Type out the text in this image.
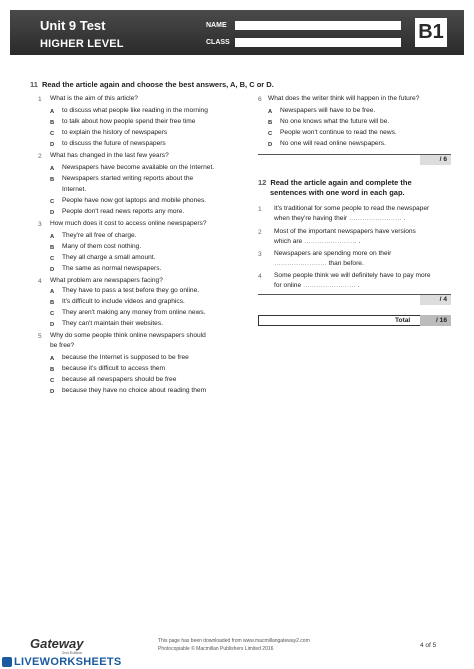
Unit 9 Test
HIGHER LEVEL
NAME
CLASS	B1
11 Read the article again and choose the best answers, A, B, C or D.
1 What is the aim of this article?
A to discuss what people like reading in the morning
B to talk about how people spend their free time
C to explain the history of newspapers
D to discuss the future of newspapers
2 What has changed in the last few years?
A Newspapers have become available on the Internet.
B Newspapers started writing reports about the
Internet.
C People have now got laptops and mobile phones.
D People don't read news reports any more.
3 How much does it cost to access online newspapers?
A They're all free of charge.
B Many of them cost nothing.
C They all charge a small amount.
D The same as normal newspapers.
4 What problem are newspapers facing?
A They have to pass a test before they go online.
B It's difficult to include videos and graphics.
C They aren't making any money from online news.
D They can't maintain their websites.
5 Why do some people think online newspapers should
be free?
A because the Internet is supposed to be free
B because it's difficult to access them
C because all newspapers should be free
D because they have no choice about reading them
6 What does the writer think will happen in the future?
A Newspapers will have to be free.
B No one knows what the future will be.
C People won't continue to read the news.
D No one will read online newspapers.
/ 6
12 Read the article again and complete the
sentences with one word in each gap.
1 It's traditional for some people to read the newspaper
when they're having their …………………… .
2 Most of the important newspapers have versions
which are …………………… .
3 Newspapers are spending more on their
…………………… than before.
4 Some people think we will definitely have to pay more
for online …………………… .
/ 4
Total	/ 16
Gateway
2nd Edition
This page has been downloaded from www.macmillangateway2.com
Photocopiable © Macmillan Publishers Limited 2016	4 of 5
LIVEWORKSHEETS
